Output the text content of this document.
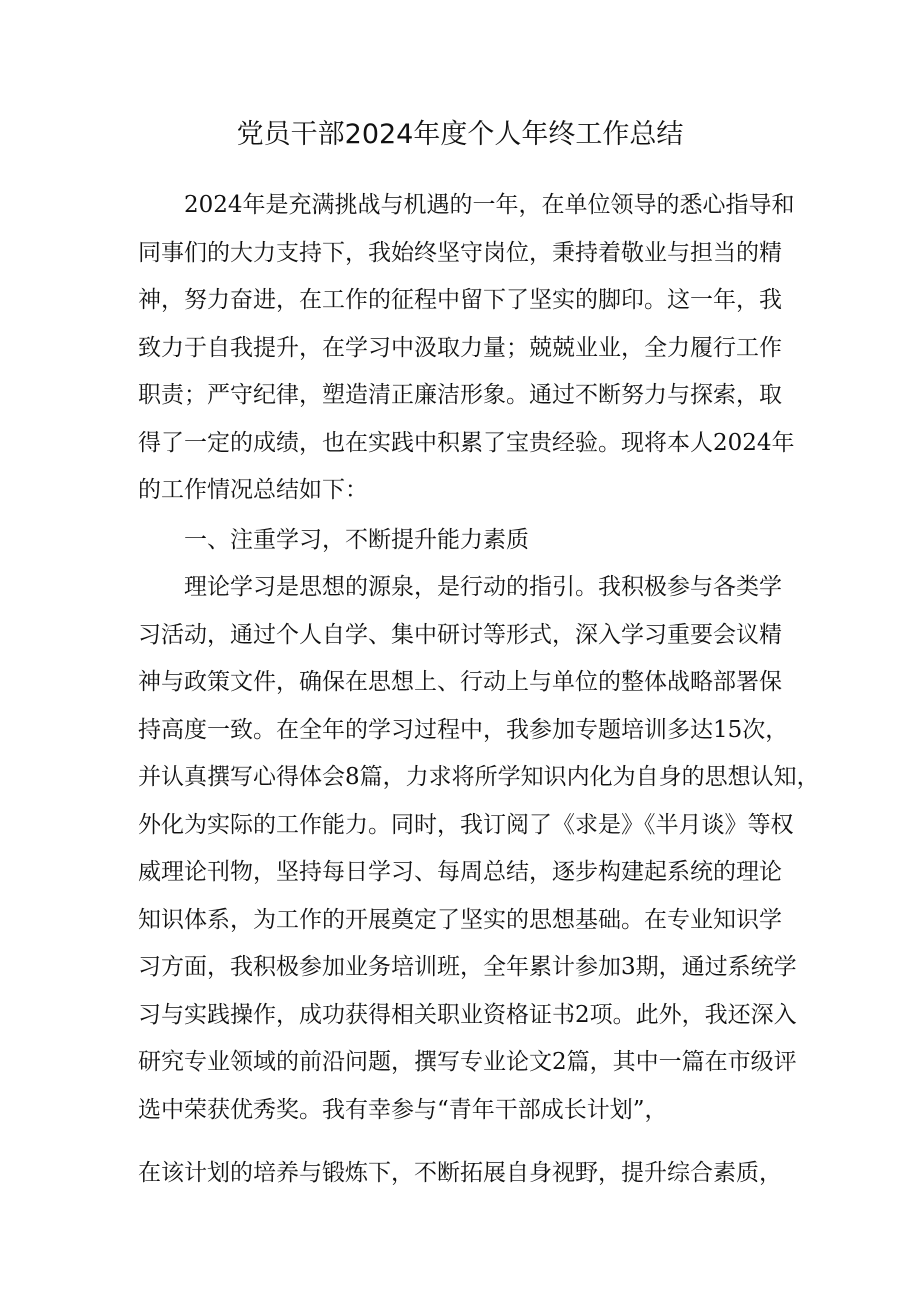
党员干部2024年度个人年终工作总结
2024年是充满挑战与机遇的一年，在单位领导的悉心指导和
同事们的大力支持下，我始终坚守岗位，秉持着敬业与担当的精
神，努力奋进，在工作的征程中留下了坚实的脚印。这一年，我
致力于自我提升，在学习中汲取力量；兢兢业业，全力履行工作
职责；严守纪律，塑造清正廉洁形象。通过不断努力与探索，取
得了一定的成绩，也在实践中积累了宝贵经验。现将本人2024年
的工作情况总结如下：
一、注重学习，不断提升能力素质
理论学习是思想的源泉，是行动的指引。我积极参与各类学
习活动，通过个人自学、集中研讨等形式，深入学习重要会议精
神与政策文件，确保在思想上、行动上与单位的整体战略部署保
持高度一致。在全年的学习过程中，我参加专题培训多达15次，
并认真撰写心得体会8篇，力求将所学知识内化为自身的思想认知，
外化为实际的工作能力。同时，我订阅了《求是》《半月谈》等权
威理论刊物，坚持每日学习、每周总结，逐步构建起系统的理论
知识体系，为工作的开展奠定了坚实的思想基础。在专业知识学
习方面，我积极参加业务培训班，全年累计参加3期，通过系统学
习与实践操作，成功获得相关职业资格证书2项。此外，我还深入
研究专业领域的前沿问题，撰写专业论文2篇，其中一篇在市级评
选中荣获优秀奖。我有幸参与“青年干部成长计划”，
在该计划的培养与锻炼下，不断拓展自身视野，提升综合素质，
